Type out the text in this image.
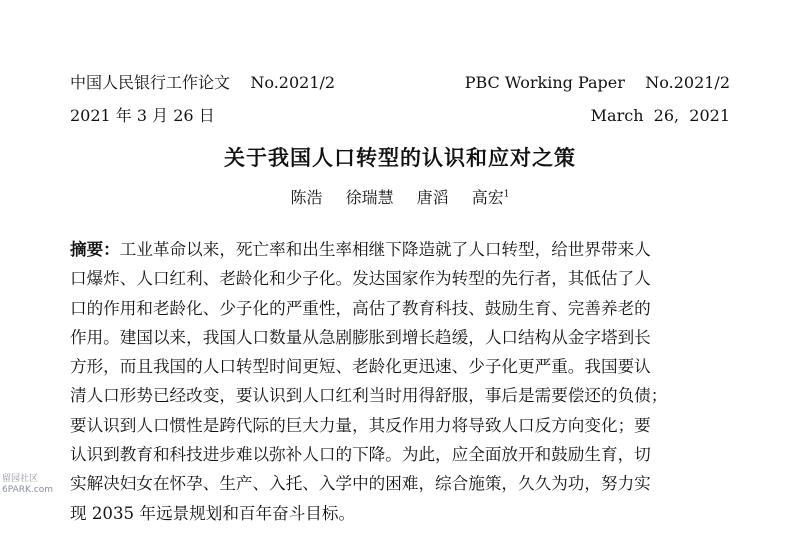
中国人民银行工作论文 No.2021/2	PBC Working Paper No.2021/2
2021 年 3 月 26 日	March  26,  2021
关于我国人口转型的认识和应对之策
陈浩 徐瑞慧 唐滔 高宏$^1$
摘要：工业革命以来，死亡率和出生率相继下降造就了人口转型，给世界带来人
口爆炸、人口红利、老龄化和少子化。发达国家作为转型的先行者，其低估了人
口的作用和老龄化、少子化的严重性，高估了教育科技、鼓励生育、完善养老的
作用。建国以来，我国人口数量从急剧膨胀到增长趋缓，人口结构从金字塔到长
方形，而且我国的人口转型时间更短、老龄化更迅速、少子化更严重。我国要认
清人口形势已经改变，要认识到人口红利当时用得舒服，事后是需要偿还的负债；
要认识到人口惯性是跨代际的巨大力量，其反作用力将导致人口反方向变化；要
认识到教育和科技进步难以弥补人口的下降。为此，应全面放开和鼓励生育，切
实解决妇女在怀孕、生产、入托、入学中的困难，综合施策，久久为功，努力实
现 2035 年远景规划和百年奋斗目标。
留园社区
6PARK.com
